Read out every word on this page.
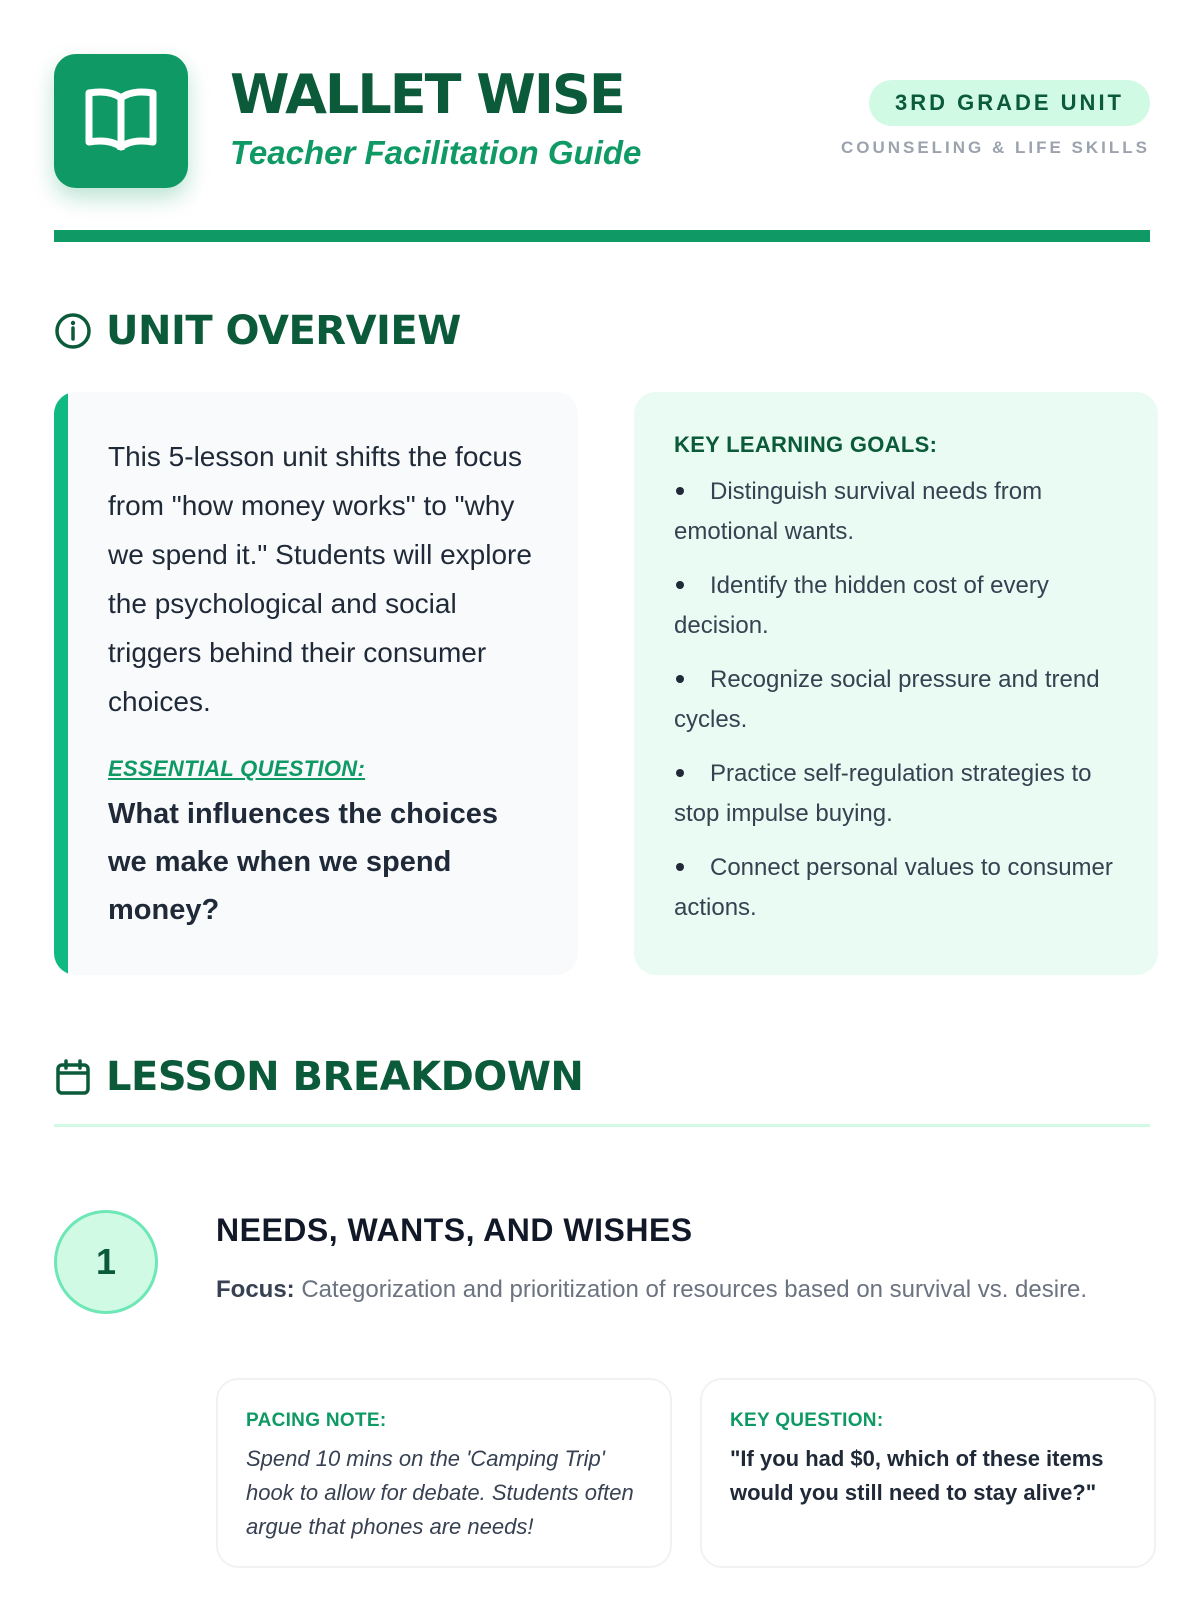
WALLET WISE
Teacher Facilitation Guide
3RD GRADE UNIT
COUNSELING & LIFE SKILLS
UNIT OVERVIEW

This 5-lesson unit shifts the focus from "how money works" to "why we spend it." Students will explore the psychological and social triggers behind their consumer choices.

ESSENTIAL QUESTION:
What influences the choices we make when we spend money?
KEY LEARNING GOALS:
Distinguish survival needs from emotional wants.
Identify the hidden cost of every decision.
Recognize social pressure and trend cycles.
Practice self-regulation strategies to stop impulse buying.
Connect personal values to consumer actions.
LESSON BREAKDOWN
1
NEEDS, WANTS, AND WISHES
Focus: Categorization and prioritization of resources based on survival vs. desire.
PACING NOTE:
Spend 10 mins on the 'Camping Trip' hook to allow for debate. Students often argue that phones are needs!
KEY QUESTION:
"If you had $0, which of these items would you still need to stay alive?"
